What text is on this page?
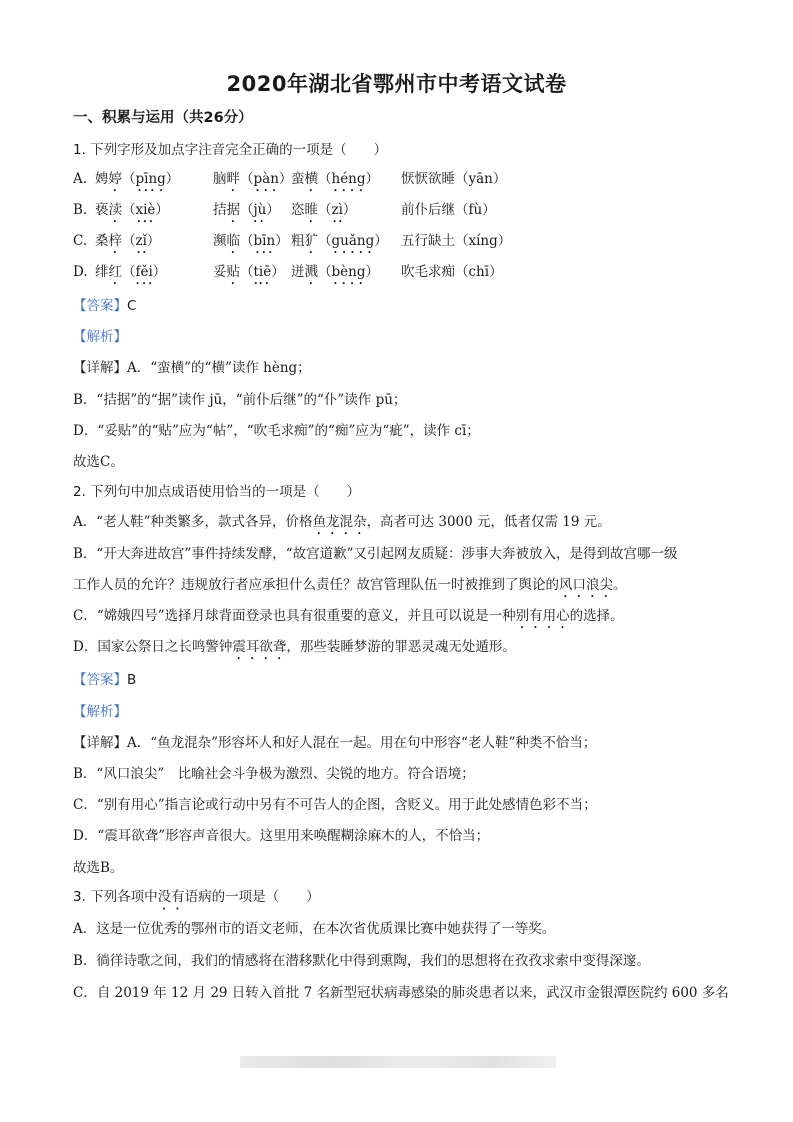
2020年湖北省鄂州市中考语文试卷
一、积累与运用（共26分）
1. 下列字形及加点字注音完全正确的一项是（　　）
A. 娉婷（pīng） 脑畔（pàn）蛮横（héng） 恹恹欲睡（yān）
B. 亵渎（xiè）	拮据（jù） 恣睢（zì）	前仆后继（fù）
C. 桑梓（zǐ）	濒临（bīn） 粗犷（guǎng） 五行缺土（xíng）
D. 绯红（fěi）	妥贴（tiē） 迸溅（bèng） 吹毛求痴（chī）
【答案】C
【解析】
【详解】A．“蛮横”的“横”读作 hèng；
B．“拮据”的“据”读作 jū，“前仆后继”的“仆”读作 pū；
D．“妥贴”的“贴”应为“帖”，“吹毛求痴”的“痴”应为“疵”，读作 cī；
故选C。
2. 下列句中加点成语使用恰当的一项是（　　）
A．“老人鞋”种类繁多，款式各异，价格鱼龙混杂，高者可达 3000 元，低者仅需 19 元。
B．“开大奔进故宫”事件持续发酵，“故宫道歉”又引起网友质疑：涉事大奔被放入，是得到故宫哪一级
工作人员的允许？违规放行者应承担什么责任？故宫管理队伍一时被推到了舆论的风口浪尖。
C．“嫦娥四号”选择月球背面登录也具有很重要的意义，并且可以说是一种别有用心的选择。
D．国家公祭日之长鸣警钟震耳欲聋，那些装睡梦游的罪恶灵魂无处遁形。
【答案】B
【解析】
【详解】A．“鱼龙混杂”形容坏人和好人混在一起。用在句中形容“老人鞋”种类不恰当；
B．“风口浪尖”　比喻社会斗争极为激烈、尖锐的地方。符合语境；
C．“别有用心”指言论或行动中另有不可告人的企图，含贬义。用于此处感情色彩不当；
D．“震耳欲聋”形容声音很大。这里用来唤醒糊涂麻木的人，不恰当；
故选B。
3. 下列各项中没有语病的一项是（　　）
A．这是一位优秀的鄂州市的语文老师，在本次省优质课比赛中她获得了一等奖。
B．徜徉诗歌之间，我们的情感将在潜移默化中得到熏陶，我们的思想将在孜孜求索中变得深邃。
C．自 2019 年 12 月 29 日转入首批 7 名新型冠状病毒感染的肺炎患者以来，武汉市金银潭医院约 600 多名
